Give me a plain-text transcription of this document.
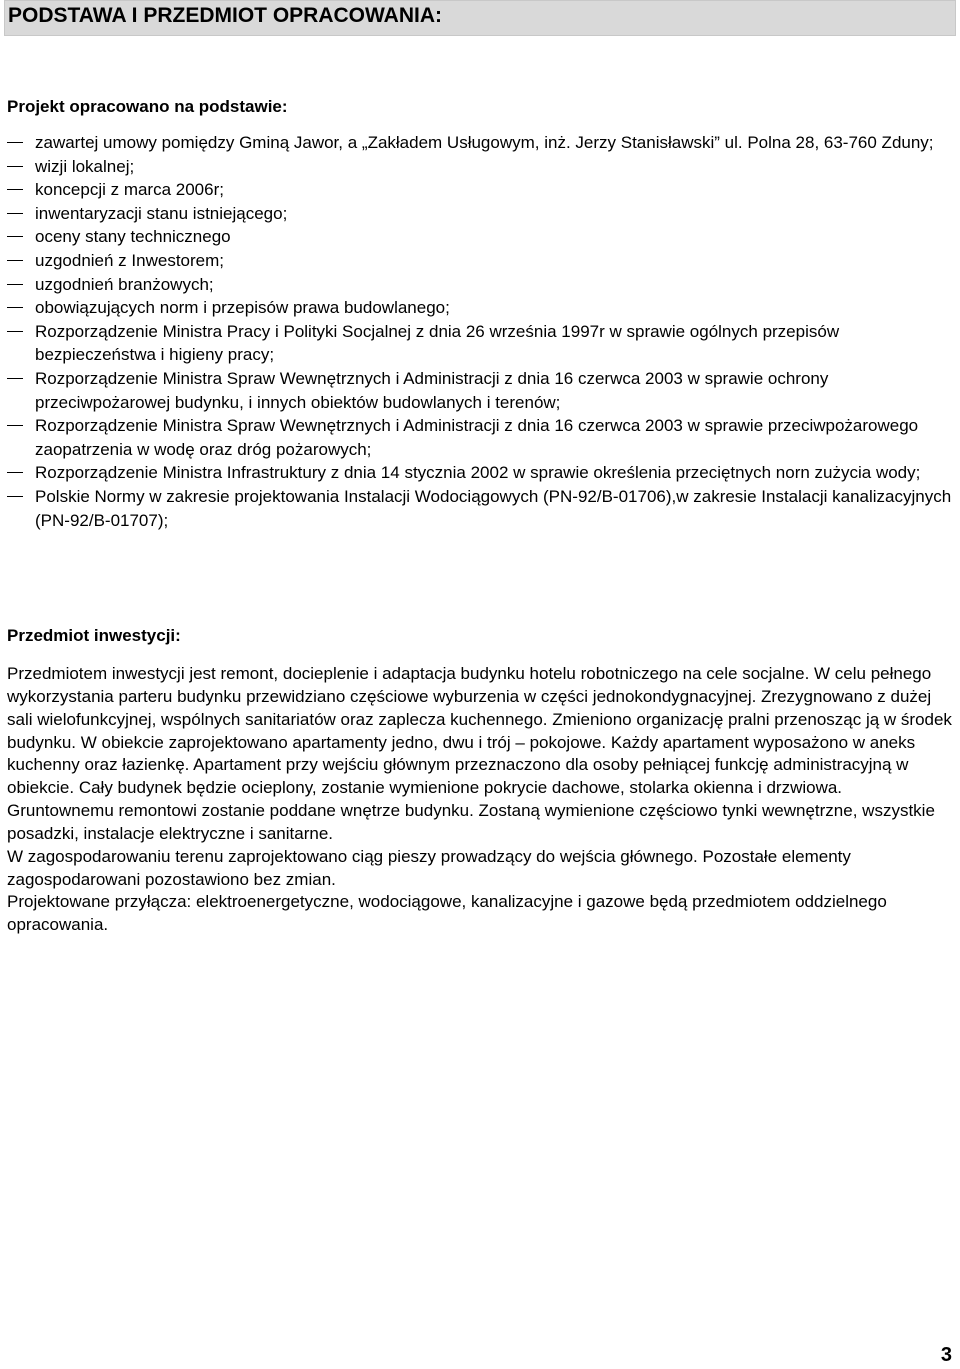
PODSTAWA I PRZEDMIOT OPRACOWANIA:
Projekt opracowano na podstawie:
zawartej umowy pomiędzy Gminą Jawor, a „Zakładem Usługowym, inż. Jerzy Stanisławski” ul. Polna 28, 63-760 Zduny;
wizji lokalnej;
koncepcji z marca 2006r;
inwentaryzacji stanu istniejącego;
oceny stany technicznego
uzgodnień z Inwestorem;
uzgodnień branżowych;
obowiązujących norm i przepisów prawa budowlanego;
Rozporządzenie Ministra Pracy i Polityki Socjalnej z dnia 26 września 1997r w sprawie ogólnych przepisów bezpieczeństwa i higieny pracy;
Rozporządzenie Ministra Spraw Wewnętrznych i Administracji z dnia 16 czerwca 2003 w sprawie ochrony przeciwpożarowej budynku, i innych obiektów budowlanych i terenów;
Rozporządzenie Ministra Spraw Wewnętrznych i Administracji z dnia 16 czerwca 2003 w sprawie przeciwpożarowego zaopatrzenia w wodę oraz dróg pożarowych;
Rozporządzenie Ministra Infrastruktury z dnia 14 stycznia 2002 w sprawie określenia przeciętnych norn zużycia wody;
Polskie Normy w zakresie projektowania Instalacji Wodociągowych (PN-92/B-01706),w zakresie Instalacji kanalizacyjnych (PN-92/B-01707);
Przedmiot inwestycji:

Przedmiotem inwestycji jest remont, docieplenie i adaptacja budynku hotelu robotniczego na cele socjalne. W celu pełnego wykorzystania parteru budynku przewidziano częściowe wyburzenia w części jednokondygnacyjnej. Zrezygnowano z dużej sali wielofunkcyjnej, wspólnych sanitariatów oraz zaplecza kuchennego. Zmieniono organizację pralni przenosząc ją w środek budynku. W obiekcie zaprojektowano apartamenty jedno, dwu i trój – pokojowe. Każdy apartament wyposażono w aneks kuchenny oraz łazienkę. Apartament przy wejściu głównym przeznaczono dla osoby pełniącej funkcję administracyjną w obiekcie. Cały budynek będzie ocieplony, zostanie wymienione pokrycie dachowe, stolarka okienna i drzwiowa. Gruntownemu remontowi zostanie poddane wnętrze budynku. Zostaną wymienione częściowo tynki wewnętrzne, wszystkie posadzki, instalacje elektryczne i sanitarne.

W zagospodarowaniu terenu zaprojektowano ciąg pieszy prowadzący do wejścia głównego. Pozostałe elementy zagospodarowani pozostawiono bez zmian.

Projektowane przyłącza: elektroenergetyczne, wodociągowe, kanalizacyjne i gazowe będą przedmiotem oddzielnego opracowania.

3
